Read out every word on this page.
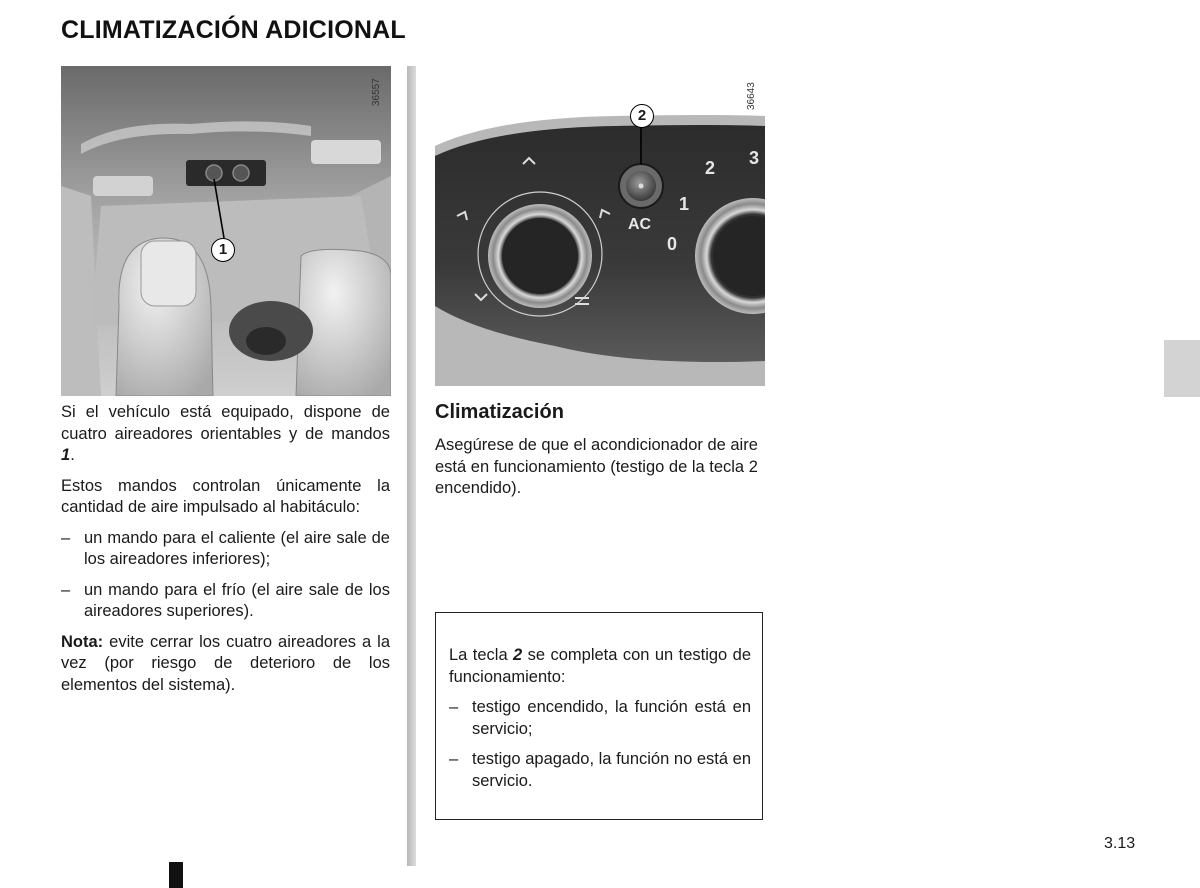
CLIMATIZACIÓN ADICIONAL
1
36557
2
AC
0
1
2 3
36643

Si el vehículo está equipado, dispone de cuatro aireadores orientables y de mandos 1.

Estos mandos controlan únicamente la cantidad de aire impulsado al habitáculo:

– un mando para el caliente (el aire sale de los aireadores inferiores);
– un mando para el frío (el aire sale de los aireadores superiores).

Nota: evite cerrar los cuatro aireadores a la vez (por riesgo de deterioro de los elementos del sistema).

Climatización

Asegúrese de que el acondicionador de aire está en funcionamiento (testigo de la tecla 2 encendido).

La tecla 2 se completa con un testigo de funcionamiento:

– testigo encendido, la función está en servicio;
– testigo apagado, la función no está en servicio.
3.13
